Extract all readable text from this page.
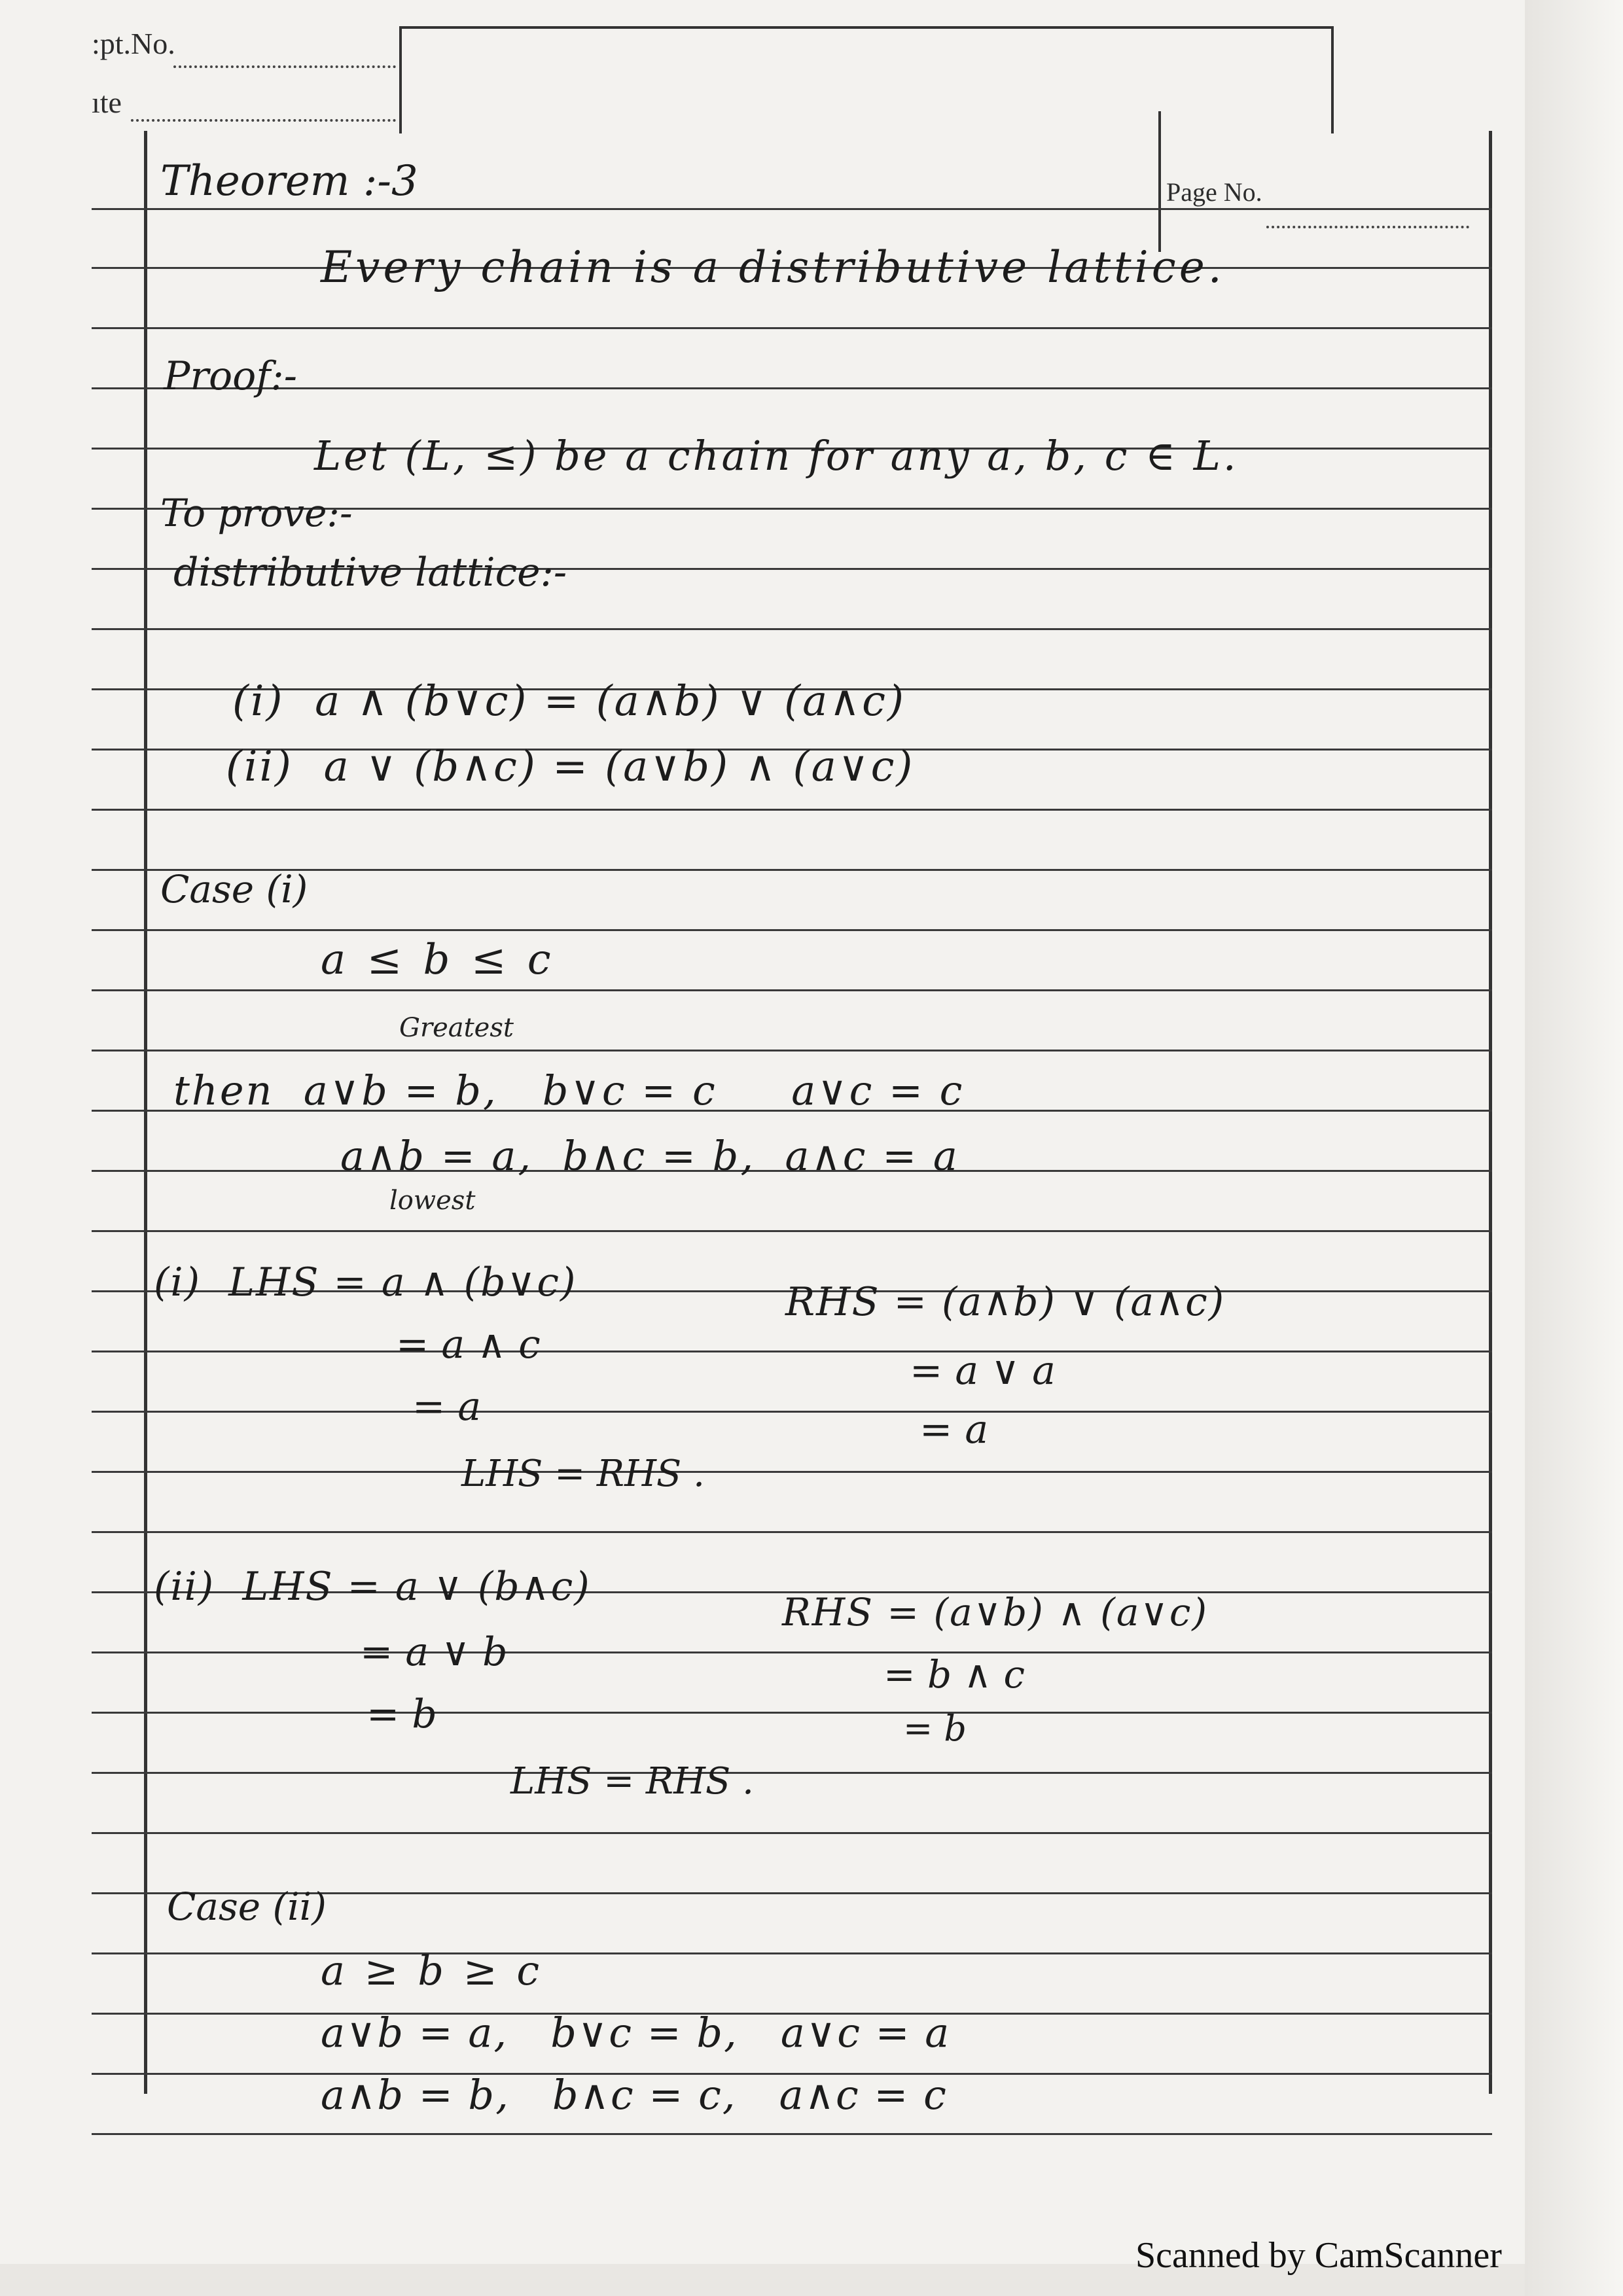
:pt.No.
ıte
Page No.
Theorem :-3
Every chain is a distributive lattice.
Proof:-
Let (L, ≤) be a chain for any a, b, c ∈ L.
To prove:-
distributive lattice:-
(i)  a ∧ (b∨c) = (a∧b) ∨ (a∧c)
(ii)  a ∨ (b∧c) = (a∨b) ∧ (a∨c)
Case (i)
a ≤ b ≤ c
Greatest
then  a∨b = b,   b∨c = c     a∨c = c
a∧b = a,  b∧c = b,  a∧c = a
lowest
(i)  LHS = a ∧ (b∨c)
= a ∧ c
= a
RHS = (a∧b) ∨ (a∧c)
= a ∨ a
= a
LHS = RHS .
(ii)  LHS = a ∨ (b∧c)
= a ∨ b
= b
RHS = (a∨b) ∧ (a∨c)
= b ∧ c
= b
LHS = RHS .
Case (ii)
a ≥ b ≥ c
a∨b = a,   b∨c = b,   a∨c = a
a∧b = b,   b∧c = c,   a∧c = c
Scanned by CamScanner
